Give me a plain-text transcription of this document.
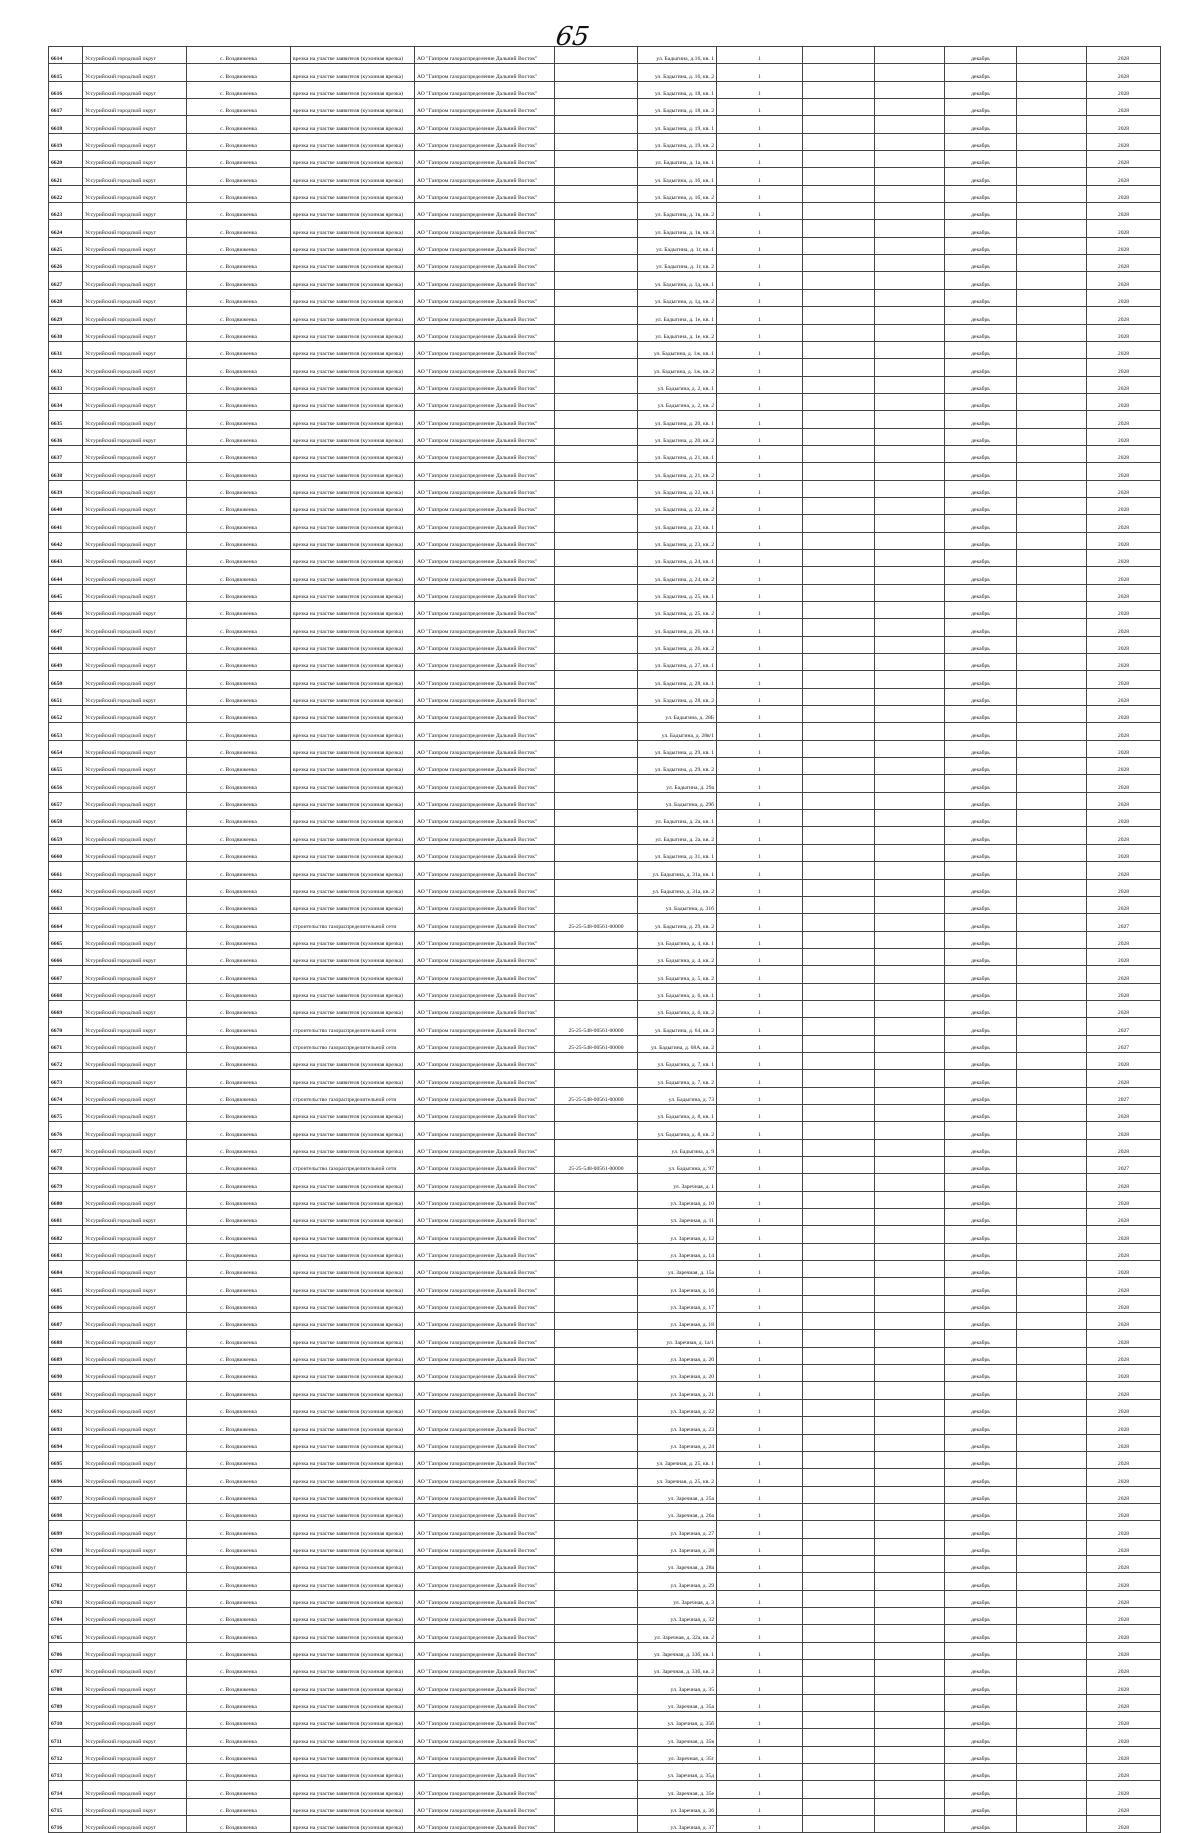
65
6614	Уссурийский городской округ	с. Воздвиженка	врезка на участке заявителя (кухонная врезка)	АО "Газпром газораспределение Дальний Восток"		ул. Бадыгина, д.16, кв. 1	1			декабрь		2028
6615	Уссурийский городской округ	с. Воздвиженка	врезка на участке заявителя (кухонная врезка)	АО "Газпром газораспределение Дальний Восток"		ул. Бадыгина, д. 16, кв. 2	1			декабрь		2028
6616	Уссурийский городской округ	с. Воздвиженка	врезка на участке заявителя (кухонная врезка)	АО "Газпром газораспределение Дальний Восток"		ул. Бадыгина, д. 18, кв. 1	1			декабрь		2028
6617	Уссурийский городской округ	с. Воздвиженка	врезка на участке заявителя (кухонная врезка)	АО "Газпром газораспределение Дальний Восток"		ул. Бадыгина, д. 18, кв. 2	1			декабрь		2028
6618	Уссурийский городской округ	с. Воздвиженка	врезка на участке заявителя (кухонная врезка)	АО "Газпром газораспределение Дальний Восток"		ул. Бадыгина, д. 19, кв. 1	1			декабрь		2028
6619	Уссурийский городской округ	с. Воздвиженка	врезка на участке заявителя (кухонная врезка)	АО "Газпром газораспределение Дальний Восток"		ул. Бадыгина, д. 19, кв. 2	1			декабрь		2028
6620	Уссурийский городской округ	с. Воздвиженка	врезка на участке заявителя (кухонная врезка)	АО "Газпром газораспределение Дальний Восток"		ул. Бадыгина, д. 1а, кв. 1	1			декабрь		2028
6621	Уссурийский городской округ	с. Воздвиженка	врезка на участке заявителя (кухонная врезка)	АО "Газпром газораспределение Дальний Восток"		ул. Бадыгина, д. 1б, кв. 1	1			декабрь		2028
6622	Уссурийский городской округ	с. Воздвиженка	врезка на участке заявителя (кухонная врезка)	АО "Газпром газораспределение Дальний Восток"		ул. Бадыгина, д. 1б, кв. 2	1			декабрь		2028
6623	Уссурийский городской округ	с. Воздвиженка	врезка на участке заявителя (кухонная врезка)	АО "Газпром газораспределение Дальний Восток"		ул. Бадыгина, д. 1в, кв. 2	1			декабрь		2028
6624	Уссурийский городской округ	с. Воздвиженка	врезка на участке заявителя (кухонная врезка)	АО "Газпром газораспределение Дальний Восток"		ул. Бадыгина, д. 1в, кв. 3	1			декабрь		2028
6625	Уссурийский городской округ	с. Воздвиженка	врезка на участке заявителя (кухонная врезка)	АО "Газпром газораспределение Дальний Восток"		ул. Бадыгина, д. 1г, кв. 1	1			декабрь		2028
6626	Уссурийский городской округ	с. Воздвиженка	врезка на участке заявителя (кухонная врезка)	АО "Газпром газораспределение Дальний Восток"		ул. Бадыгина, д. 1г, кв. 2	1			декабрь		2028
6627	Уссурийский городской округ	с. Воздвиженка	врезка на участке заявителя (кухонная врезка)	АО "Газпром газораспределение Дальний Восток"		ул. Бадыгина, д. 1д, кв. 1	1			декабрь		2028
6628	Уссурийский городской округ	с. Воздвиженка	врезка на участке заявителя (кухонная врезка)	АО "Газпром газораспределение Дальний Восток"		ул. Бадыгина, д. 1д, кв. 2	1			декабрь		2028
6629	Уссурийский городской округ	с. Воздвиженка	врезка на участке заявителя (кухонная врезка)	АО "Газпром газораспределение Дальний Восток"		ул. Бадыгина, д. 1е, кв. 1	1			декабрь		2028
6630	Уссурийский городской округ	с. Воздвиженка	врезка на участке заявителя (кухонная врезка)	АО "Газпром газораспределение Дальний Восток"		ул. Бадыгина, д. 1е, кв. 2	1			декабрь		2028
6631	Уссурийский городской округ	с. Воздвиженка	врезка на участке заявителя (кухонная врезка)	АО "Газпром газораспределение Дальний Восток"		ул. Бадыгина, д. 1ж, кв. 1	1			декабрь		2028
6632	Уссурийский городской округ	с. Воздвиженка	врезка на участке заявителя (кухонная врезка)	АО "Газпром газораспределение Дальний Восток"		ул. Бадыгина, д. 1ж, кв. 2	1			декабрь		2028
6633	Уссурийский городской округ	с. Воздвиженка	врезка на участке заявителя (кухонная врезка)	АО "Газпром газораспределение Дальний Восток"		ул. Бадыгина, д. 2, кв. 1	1			декабрь		2028
6634	Уссурийский городской округ	с. Воздвиженка	врезка на участке заявителя (кухонная врезка)	АО "Газпром газораспределение Дальний Восток"		ул. Бадыгина, д. 2, кв. 2	1			декабрь		2028
6635	Уссурийский городской округ	с. Воздвиженка	врезка на участке заявителя (кухонная врезка)	АО "Газпром газораспределение Дальний Восток"		ул. Бадыгина, д. 20, кв. 1	1			декабрь		2028
6636	Уссурийский городской округ	с. Воздвиженка	врезка на участке заявителя (кухонная врезка)	АО "Газпром газораспределение Дальний Восток"		ул. Бадыгина, д. 20, кв. 2	1			декабрь		2028
6637	Уссурийский городской округ	с. Воздвиженка	врезка на участке заявителя (кухонная врезка)	АО "Газпром газораспределение Дальний Восток"		ул. Бадыгина, д. 21, кв. 1	1			декабрь		2028
6638	Уссурийский городской округ	с. Воздвиженка	врезка на участке заявителя (кухонная врезка)	АО "Газпром газораспределение Дальний Восток"		ул. Бадыгина, д. 21, кв. 2	1			декабрь		2028
6639	Уссурийский городской округ	с. Воздвиженка	врезка на участке заявителя (кухонная врезка)	АО "Газпром газораспределение Дальний Восток"		ул. Бадыгина, д. 22, кв. 1	1			декабрь		2028
6640	Уссурийский городской округ	с. Воздвиженка	врезка на участке заявителя (кухонная врезка)	АО "Газпром газораспределение Дальний Восток"		ул. Бадыгина, д. 22, кв. 2	1			декабрь		2028
6641	Уссурийский городской округ	с. Воздвиженка	врезка на участке заявителя (кухонная врезка)	АО "Газпром газораспределение Дальний Восток"		ул. Бадыгина, д. 23, кв. 1	1			декабрь		2028
6642	Уссурийский городской округ	с. Воздвиженка	врезка на участке заявителя (кухонная врезка)	АО "Газпром газораспределение Дальний Восток"		ул. Бадыгина, д. 23, кв. 2	1			декабрь		2028
6643	Уссурийский городской округ	с. Воздвиженка	врезка на участке заявителя (кухонная врезка)	АО "Газпром газораспределение Дальний Восток"		ул. Бадыгина, д. 24, кв. 1	1			декабрь		2028
6644	Уссурийский городской округ	с. Воздвиженка	врезка на участке заявителя (кухонная врезка)	АО "Газпром газораспределение Дальний Восток"		ул. Бадыгина, д. 24, кв. 2	1			декабрь		2028
6645	Уссурийский городской округ	с. Воздвиженка	врезка на участке заявителя (кухонная врезка)	АО "Газпром газораспределение Дальний Восток"		ул. Бадыгина, д. 25, кв. 1	1			декабрь		2028
6646	Уссурийский городской округ	с. Воздвиженка	врезка на участке заявителя (кухонная врезка)	АО "Газпром газораспределение Дальний Восток"		ул. Бадыгина, д. 25, кв. 2	1			декабрь		2028
6647	Уссурийский городской округ	с. Воздвиженка	врезка на участке заявителя (кухонная врезка)	АО "Газпром газораспределение Дальний Восток"		ул. Бадыгина, д. 26, кв. 1	1			декабрь		2028
6648	Уссурийский городской округ	с. Воздвиженка	врезка на участке заявителя (кухонная врезка)	АО "Газпром газораспределение Дальний Восток"		ул. Бадыгина, д. 26, кв. 2	1			декабрь		2028
6649	Уссурийский городской округ	с. Воздвиженка	врезка на участке заявителя (кухонная врезка)	АО "Газпром газораспределение Дальний Восток"		ул. Бадыгина, д. 27, кв. 1	1			декабрь		2028
6650	Уссурийский городской округ	с. Воздвиженка	врезка на участке заявителя (кухонная врезка)	АО "Газпром газораспределение Дальний Восток"		ул. Бадыгина, д. 28, кв. 1	1			декабрь		2028
6651	Уссурийский городской округ	с. Воздвиженка	врезка на участке заявителя (кухонная врезка)	АО "Газпром газораспределение Дальний Восток"		ул. Бадыгина, д. 28, кв. 2	1			декабрь		2028
6652	Уссурийский городской округ	с. Воздвиженка	врезка на участке заявителя (кухонная врезка)	АО "Газпром газораспределение Дальний Восток"		ул. Бадыгина, д. 28Б	1			декабрь		2028
6653	Уссурийский городской округ	с. Воздвиженка	врезка на участке заявителя (кухонная врезка)	АО "Газпром газораспределение Дальний Восток"		ул. Бадыгина, д. 28в/1	1			декабрь		2028
6654	Уссурийский городской округ	с. Воздвиженка	врезка на участке заявителя (кухонная врезка)	АО "Газпром газораспределение Дальний Восток"		ул. Бадыгина, д. 29, кв. 1	1			декабрь		2028
6655	Уссурийский городской округ	с. Воздвиженка	врезка на участке заявителя (кухонная врезка)	АО "Газпром газораспределение Дальний Восток"		ул. Бадыгина, д. 29, кв. 2	1			декабрь		2028
6656	Уссурийский городской округ	с. Воздвиженка	врезка на участке заявителя (кухонная врезка)	АО "Газпром газораспределение Дальний Восток"		ул. Бадыгина, д. 29а	1			декабрь		2028
6657	Уссурийский городской округ	с. Воздвиженка	врезка на участке заявителя (кухонная врезка)	АО "Газпром газораспределение Дальний Восток"		ул. Бадыгина, д. 29б	1			декабрь		2028
6658	Уссурийский городской округ	с. Воздвиженка	врезка на участке заявителя (кухонная врезка)	АО "Газпром газораспределение Дальний Восток"		ул. Бадыгина, д. 2а, кв. 1	1			декабрь		2028
6659	Уссурийский городской округ	с. Воздвиженка	врезка на участке заявителя (кухонная врезка)	АО "Газпром газораспределение Дальний Восток"		ул. Бадыгина, д. 2а, кв. 2	1			декабрь		2028
6660	Уссурийский городской округ	с. Воздвиженка	врезка на участке заявителя (кухонная врезка)	АО "Газпром газораспределение Дальний Восток"		ул. Бадыгина, д. 31, кв. 1	1			декабрь		2028
6661	Уссурийский городской округ	с. Воздвиженка	врезка на участке заявителя (кухонная врезка)	АО "Газпром газораспределение Дальний Восток"		ул. Бадыгина, д. 31а, кв. 1	1			декабрь		2028
6662	Уссурийский городской округ	с. Воздвиженка	врезка на участке заявителя (кухонная врезка)	АО "Газпром газораспределение Дальний Восток"		ул. Бадыгина, д. 31а, кв. 2	1			декабрь		2028
6663	Уссурийский городской округ	с. Воздвиженка	врезка на участке заявителя (кухонная врезка)	АО "Газпром газораспределение Дальний Восток"		ул. Бадыгина, д. 31б	1			декабрь		2028
6664	Уссурийский городской округ	с. Воздвиженка	строительство газораспределительной сети	АО "Газпром газораспределение Дальний Восток"	25-25-548-00561-00000	ул. Бадыгина, д. 29, кв. 2	1			декабрь		2027
6665	Уссурийский городской округ	с. Воздвиженка	врезка на участке заявителя (кухонная врезка)	АО "Газпром газораспределение Дальний Восток"		ул. Бадыгина, д. 4, кв. 1	1			декабрь		2028
6666	Уссурийский городской округ	с. Воздвиженка	врезка на участке заявителя (кухонная врезка)	АО "Газпром газораспределение Дальний Восток"		ул. Бадыгина, д. 4, кв. 2	1			декабрь		2028
6667	Уссурийский городской округ	с. Воздвиженка	врезка на участке заявителя (кухонная врезка)	АО "Газпром газораспределение Дальний Восток"		ул. Бадыгина, д. 5, кв. 2	1			декабрь		2028
6668	Уссурийский городской округ	с. Воздвиженка	врезка на участке заявителя (кухонная врезка)	АО "Газпром газораспределение Дальний Восток"		ул. Бадыгина, д. 6, кв. 1	1			декабрь		2028
6669	Уссурийский городской округ	с. Воздвиженка	врезка на участке заявителя (кухонная врезка)	АО "Газпром газораспределение Дальний Восток"		ул. Бадыгина, д. 6, кв. 2	1			декабрь		2028
6670	Уссурийский городской округ	с. Воздвиженка	строительство газораспределительной сети	АО "Газпром газораспределение Дальний Восток"	25-25-548-00561-00000	ул. Бадыгина, д. 64, кв. 2	1			декабрь		2027
6671	Уссурийский городской округ	с. Воздвиженка	строительство газораспределительной сети	АО "Газпром газораспределение Дальний Восток"	25-25-548-00561-00000	ул. Бадыгина, д. 68А, кв. 2	1			декабрь		2027
6672	Уссурийский городской округ	с. Воздвиженка	врезка на участке заявителя (кухонная врезка)	АО "Газпром газораспределение Дальний Восток"		ул. Бадыгина, д. 7, кв. 1	1			декабрь		2028
6673	Уссурийский городской округ	с. Воздвиженка	врезка на участке заявителя (кухонная врезка)	АО "Газпром газораспределение Дальний Восток"		ул. Бадыгина, д. 7, кв. 2	1			декабрь		2028
6674	Уссурийский городской округ	с. Воздвиженка	строительство газораспределительной сети	АО "Газпром газораспределение Дальний Восток"	25-25-548-00561-00000	ул. Бадыгина, д. 73	1			декабрь		2027
6675	Уссурийский городской округ	с. Воздвиженка	врезка на участке заявителя (кухонная врезка)	АО "Газпром газораспределение Дальний Восток"		ул. Бадыгина, д. 8, кв. 1	1			декабрь		2028
6676	Уссурийский городской округ	с. Воздвиженка	врезка на участке заявителя (кухонная врезка)	АО "Газпром газораспределение Дальний Восток"		ул. Бадыгина, д. 8, кв. 2	1			декабрь		2028
6677	Уссурийский городской округ	с. Воздвиженка	врезка на участке заявителя (кухонная врезка)	АО "Газпром газораспределение Дальний Восток"		ул. Бадыгина, д. 9	1			декабрь		2028
6678	Уссурийский городской округ	с. Воздвиженка	строительство газораспределительной сети	АО "Газпром газораспределение Дальний Восток"	25-25-548-00561-00000	ул. Бадыгина, д. 97	1			декабрь		2027
6679	Уссурийский городской округ	с. Воздвиженка	врезка на участке заявителя (кухонная врезка)	АО "Газпром газораспределение Дальний Восток"		ул. Заречная, д. 1	1			декабрь		2028
6680	Уссурийский городской округ	с. Воздвиженка	врезка на участке заявителя (кухонная врезка)	АО "Газпром газораспределение Дальний Восток"		ул. Заречная, д. 10	1			декабрь		2028
6681	Уссурийский городской округ	с. Воздвиженка	врезка на участке заявителя (кухонная врезка)	АО "Газпром газораспределение Дальний Восток"		ул. Заречная, д. 11	1			декабрь		2028
6682	Уссурийский городской округ	с. Воздвиженка	врезка на участке заявителя (кухонная врезка)	АО "Газпром газораспределение Дальний Восток"		ул. Заречная, д. 12	1			декабрь		2028
6683	Уссурийский городской округ	с. Воздвиженка	врезка на участке заявителя (кухонная врезка)	АО "Газпром газораспределение Дальний Восток"		ул. Заречная, д. 14	1			декабрь		2028
6684	Уссурийский городской округ	с. Воздвиженка	врезка на участке заявителя (кухонная врезка)	АО "Газпром газораспределение Дальний Восток"		ул. Заречная, д. 15а	1			декабрь		2028
6685	Уссурийский городской округ	с. Воздвиженка	врезка на участке заявителя (кухонная врезка)	АО "Газпром газораспределение Дальний Восток"		ул. Заречная, д. 16	1			декабрь		2028
6686	Уссурийский городской округ	с. Воздвиженка	врезка на участке заявителя (кухонная врезка)	АО "Газпром газораспределение Дальний Восток"		ул. Заречная, д. 17	1			декабрь		2028
6687	Уссурийский городской округ	с. Воздвиженка	врезка на участке заявителя (кухонная врезка)	АО "Газпром газораспределение Дальний Восток"		ул. Заречная, д. 18	1			декабрь		2028
6688	Уссурийский городской округ	с. Воздвиженка	врезка на участке заявителя (кухонная врезка)	АО "Газпром газораспределение Дальний Восток"		ул. Заречная, д. 1а/1	1			декабрь		2028
6689	Уссурийский городской округ	с. Воздвиженка	врезка на участке заявителя (кухонная врезка)	АО "Газпром газораспределение Дальний Восток"		ул. Заречная, д. 20	1			декабрь		2028
6690	Уссурийский городской округ	с. Воздвиженка	врезка на участке заявителя (кухонная врезка)	АО "Газпром газораспределение Дальний Восток"		ул. Заречная, д. 20	1			декабрь		2028
6691	Уссурийский городской округ	с. Воздвиженка	врезка на участке заявителя (кухонная врезка)	АО "Газпром газораспределение Дальний Восток"		ул. Заречная, д. 21	1			декабрь		2028
6692	Уссурийский городской округ	с. Воздвиженка	врезка на участке заявителя (кухонная врезка)	АО "Газпром газораспределение Дальний Восток"		ул. Заречная, д. 22	1			декабрь		2028
6693	Уссурийский городской округ	с. Воздвиженка	врезка на участке заявителя (кухонная врезка)	АО "Газпром газораспределение Дальний Восток"		ул. Заречная, д. 23	1			декабрь		2028
6694	Уссурийский городской округ	с. Воздвиженка	врезка на участке заявителя (кухонная врезка)	АО "Газпром газораспределение Дальний Восток"		ул. Заречная, д. 24	1			декабрь		2028
6695	Уссурийский городской округ	с. Воздвиженка	врезка на участке заявителя (кухонная врезка)	АО "Газпром газораспределение Дальний Восток"		ул. Заречная, д. 25, кв. 1	1			декабрь		2028
6696	Уссурийский городской округ	с. Воздвиженка	врезка на участке заявителя (кухонная врезка)	АО "Газпром газораспределение Дальний Восток"		ул. Заречная, д. 25, кв. 2	1			декабрь		2028
6697	Уссурийский городской округ	с. Воздвиженка	врезка на участке заявителя (кухонная врезка)	АО "Газпром газораспределение Дальний Восток"		ул. Заречная, д. 25а	1			декабрь		2028
6698	Уссурийский городской округ	с. Воздвиженка	врезка на участке заявителя (кухонная врезка)	АО "Газпром газораспределение Дальний Восток"		ул. Заречная, д. 26а	1			декабрь		2028
6699	Уссурийский городской округ	с. Воздвиженка	врезка на участке заявителя (кухонная врезка)	АО "Газпром газораспределение Дальний Восток"		ул. Заречная, д. 27	1			декабрь		2028
6700	Уссурийский городской округ	с. Воздвиженка	врезка на участке заявителя (кухонная врезка)	АО "Газпром газораспределение Дальний Восток"		ул. Заречная, д. 28	1			декабрь		2028
6701	Уссурийский городской округ	с. Воздвиженка	врезка на участке заявителя (кухонная врезка)	АО "Газпром газораспределение Дальний Восток"		ул. Заречная, д. 28а	1			декабрь		2028
6702	Уссурийский городской округ	с. Воздвиженка	врезка на участке заявителя (кухонная врезка)	АО "Газпром газораспределение Дальний Восток"		ул. Заречная, д. 29	1			декабрь		2028
6703	Уссурийский городской округ	с. Воздвиженка	врезка на участке заявителя (кухонная врезка)	АО "Газпром газораспределение Дальний Восток"		ул. Заречная, д. 3	1			декабрь		2028
6704	Уссурийский городской округ	с. Воздвиженка	врезка на участке заявителя (кухонная врезка)	АО "Газпром газораспределение Дальний Восток"		ул. Заречная, д. 32	1			декабрь		2028
6705	Уссурийский городской округ	с. Воздвиженка	врезка на участке заявителя (кухонная врезка)	АО "Газпром газораспределение Дальний Восток"		ул. Заречная, д. 32а, кв. 2	1			декабрь		2028
6706	Уссурийский городской округ	с. Воздвиженка	врезка на участке заявителя (кухонная врезка)	АО "Газпром газораспределение Дальний Восток"		ул. Заречная, д. 33б, кв. 1	1			декабрь		2028
6707	Уссурийский городской округ	с. Воздвиженка	врезка на участке заявителя (кухонная врезка)	АО "Газпром газораспределение Дальний Восток"		ул. Заречная, д. 33б, кв. 2	1			декабрь		2028
6708	Уссурийский городской округ	с. Воздвиженка	врезка на участке заявителя (кухонная врезка)	АО "Газпром газораспределение Дальний Восток"		ул. Заречная, д. 35	1			декабрь		2028
6709	Уссурийский городской округ	с. Воздвиженка	врезка на участке заявителя (кухонная врезка)	АО "Газпром газораспределение Дальний Восток"		ул. Заречная, д. 35а	1			декабрь		2028
6710	Уссурийский городской округ	с. Воздвиженка	врезка на участке заявителя (кухонная врезка)	АО "Газпром газораспределение Дальний Восток"		ул. Заречная, д. 35б	1			декабрь		2028
6711	Уссурийский городской округ	с. Воздвиженка	врезка на участке заявителя (кухонная врезка)	АО "Газпром газораспределение Дальний Восток"		ул. Заречная, д. 35в	1			декабрь		2028
6712	Уссурийский городской округ	с. Воздвиженка	врезка на участке заявителя (кухонная врезка)	АО "Газпром газораспределение Дальний Восток"		ул. Заречная, д. 35г	1			декабрь		2028
6713	Уссурийский городской округ	с. Воздвиженка	врезка на участке заявителя (кухонная врезка)	АО "Газпром газораспределение Дальний Восток"		ул. Заречная, д. 35д	1			декабрь		2028
6714	Уссурийский городской округ	с. Воздвиженка	врезка на участке заявителя (кухонная врезка)	АО "Газпром газораспределение Дальний Восток"		ул. Заречная, д. 35е	1			декабрь		2028
6715	Уссурийский городской округ	с. Воздвиженка	врезка на участке заявителя (кухонная врезка)	АО "Газпром газораспределение Дальний Восток"		ул. Заречная, д. 36	1			декабрь		2028
6716	Уссурийский городской округ	с. Воздвиженка	врезка на участке заявителя (кухонная врезка)	АО "Газпром газораспределение Дальний Восток"		ул. Заречная, д. 37	1			декабрь		2028
